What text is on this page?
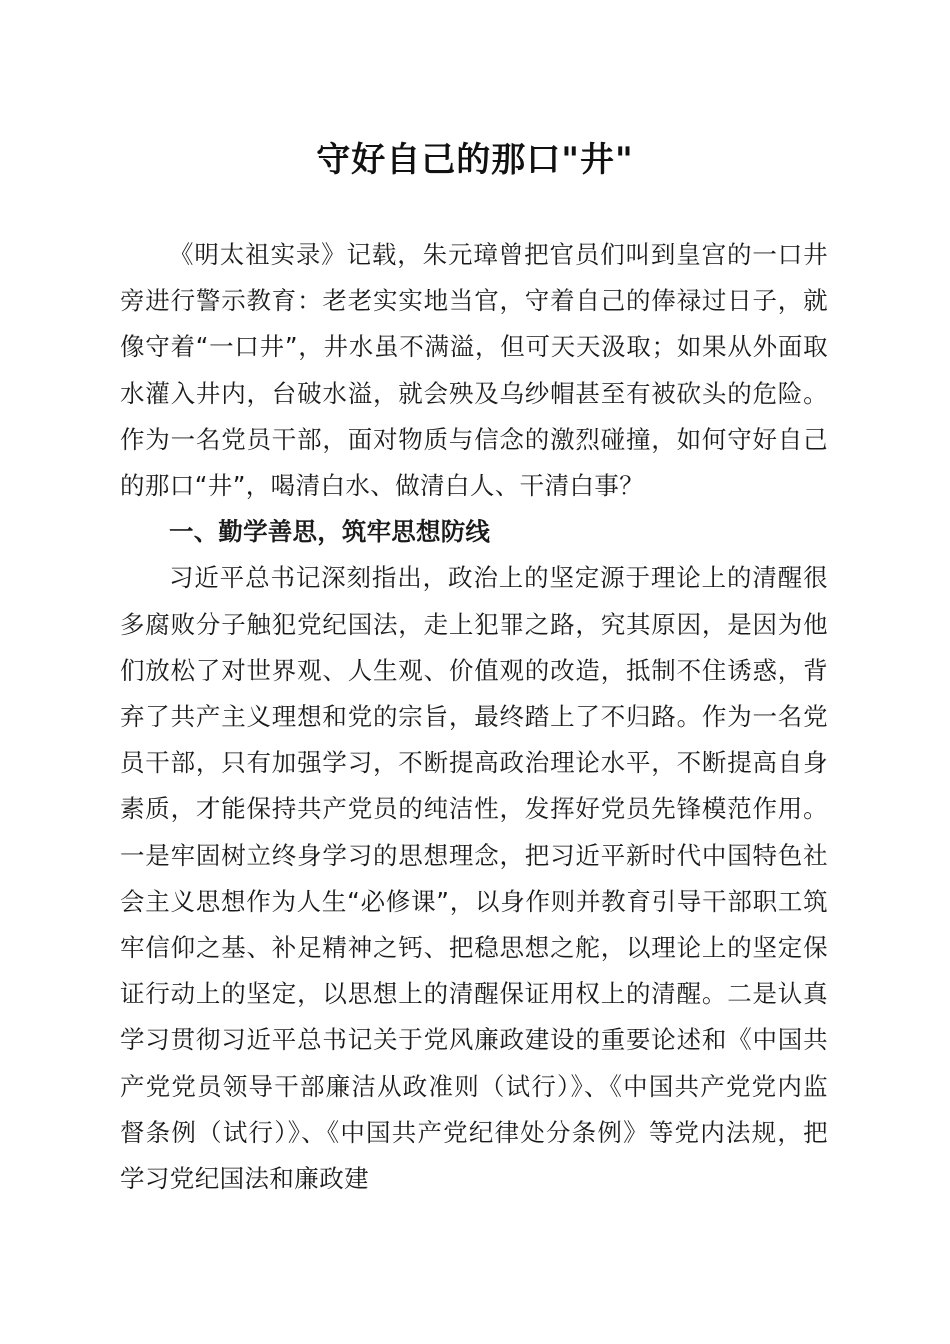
守好自己的那口"井"

《明太祖实录》记载，朱元璋曾把官员们叫到皇宫的一口井旁进行警示教育：老老实实地当官，守着自己的俸禄过日子，就像守着“一口井”，井水虽不满溢，但可天天汲取；如果从外面取水灌入井内，台破水溢，就会殃及乌纱帽甚至有被砍头的危险。作为一名党员干部，面对物质与信念的激烈碰撞，如何守好自己的那口“井”，喝清白水、做清白人、干清白事？

一、勤学善思，筑牢思想防线

习近平总书记深刻指出，政治上的坚定源于理论上的清醒很多腐败分子触犯党纪国法，走上犯罪之路，究其原因，是因为他们放松了对世界观、人生观、价值观的改造，抵制不住诱惑，背弃了共产主义理想和党的宗旨，最终踏上了不归路。作为一名党员干部，只有加强学习，不断提高政治理论水平，不断提高自身素质，才能保持共产党员的纯洁性，发挥好党员先锋模范作用。一是牢固树立终身学习的思想理念，把习近平新时代中国特色社会主义思想作为人生“必修课”，以身作则并教育引导干部职工筑牢信仰之基、补足精神之钙、把稳思想之舵，以理论上的坚定保证行动上的坚定，以思想上的清醒保证用权上的清醒。二是认真学习贯彻习近平总书记关于党风廉政建设的重要论述和《中国共产党党员领导干部廉洁从政准则（试行）》、《中国共产党党内监督条例（试行）》、《中国共产党纪律处分条例》等党内法规，把学习党纪国法和廉政建
